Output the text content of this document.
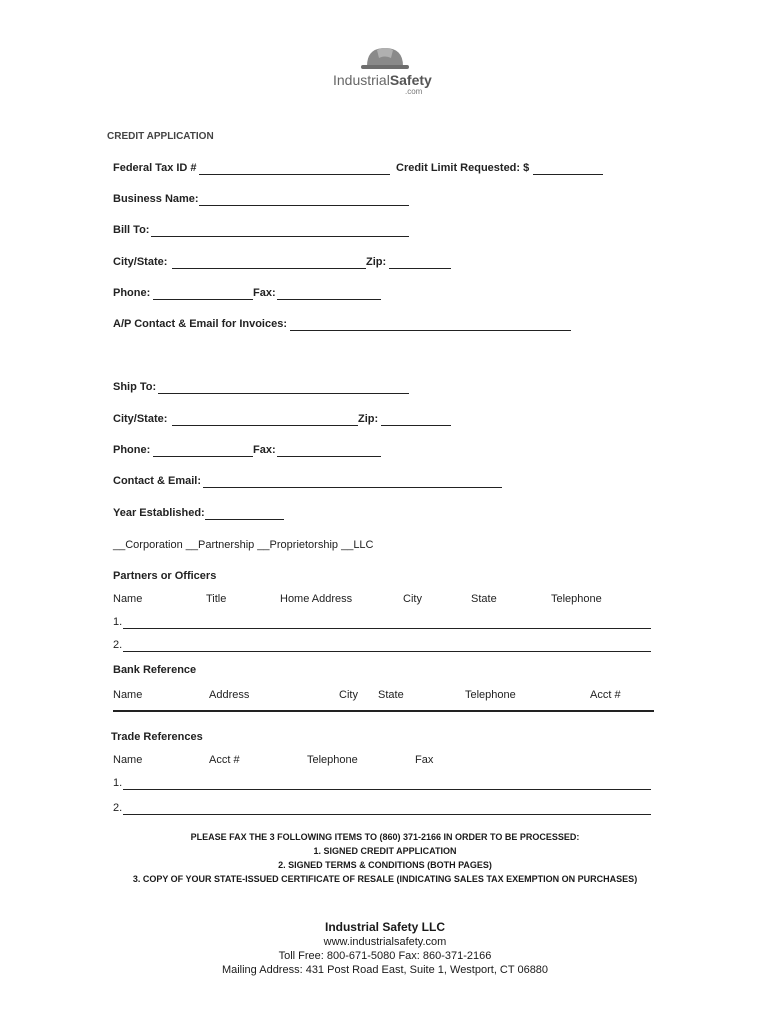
IndustrialSafety
.com
CREDIT APPLICATION
Federal Tax ID #	Credit Limit Requested: $
Business Name:
Bill To:
City/State:	Zip:
Phone:	Fax:
A/P Contact & Email for Invoices:
Ship To:
City/State:	Zip:
Phone:	Fax:
Contact & Email:
Year Established:
__Corporation __Partnership __Proprietorship __LLC
Partners or Officers
Name	Title	Home Address	City	State	Telephone
1.
2.
Bank Reference
Name	Address	City State	Telephone	Acct #
Trade References
Name	Acct #	Telephone	Fax
1.
2.
PLEASE FAX THE 3 FOLLOWING ITEMS TO (860) 371-2166 IN ORDER TO BE PROCESSED:
1. SIGNED CREDIT APPLICATION
2. SIGNED TERMS & CONDITIONS (BOTH PAGES)
3. COPY OF YOUR STATE-ISSUED CERTIFICATE OF RESALE (INDICATING SALES TAX EXEMPTION ON PURCHASES)
Industrial Safety LLC
www.industrialsafety.com
Toll Free: 800-671-5080 Fax: 860-371-2166
Mailing Address: 431 Post Road East, Suite 1, Westport, CT 06880
